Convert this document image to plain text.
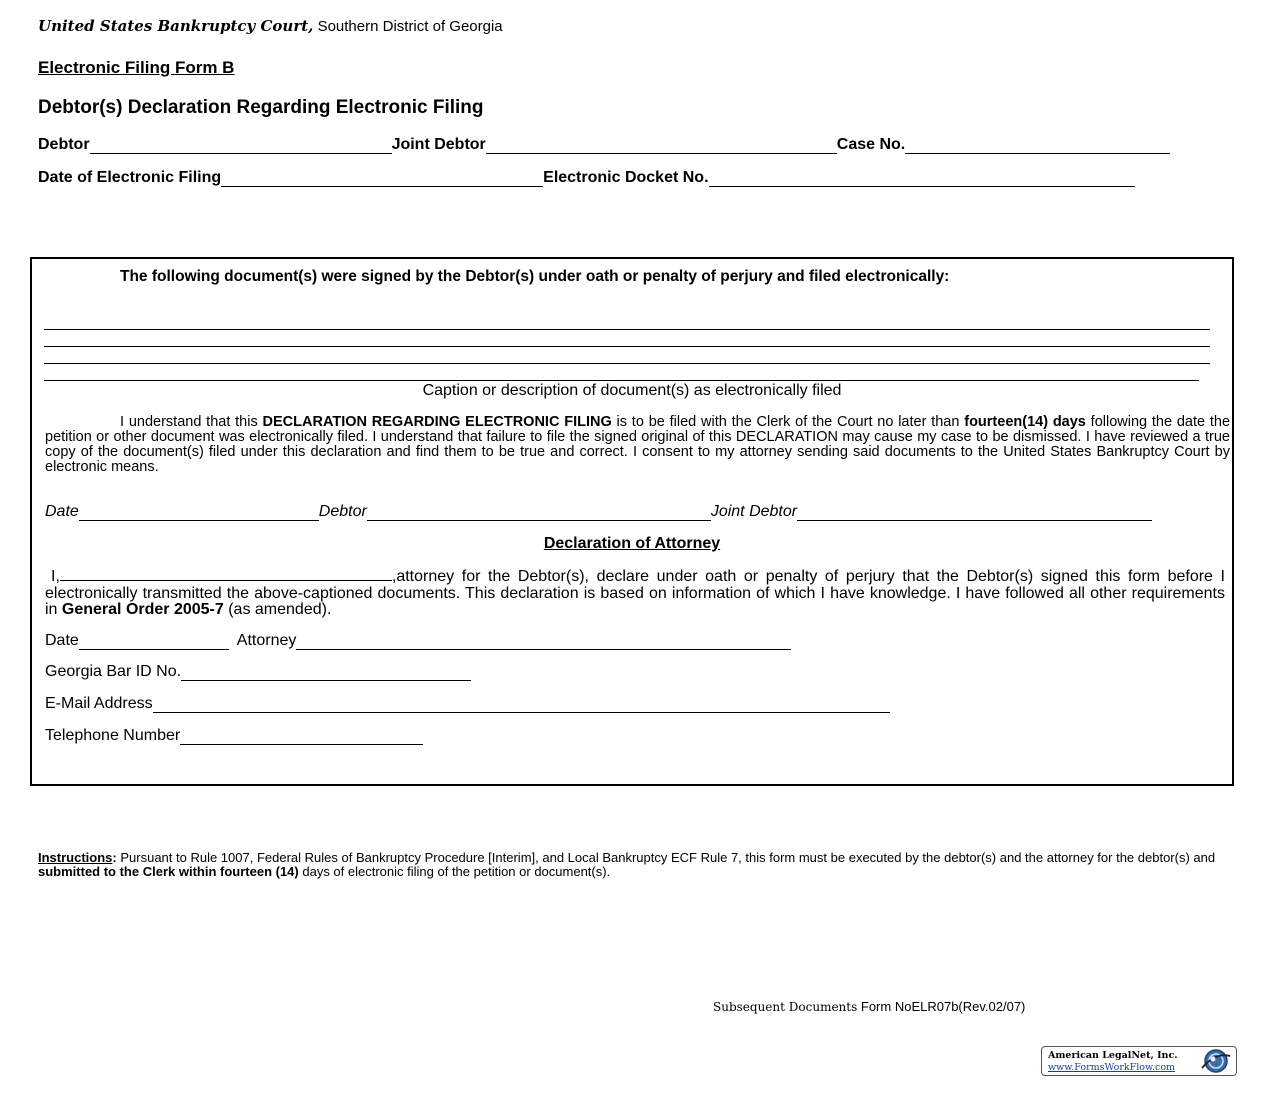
United States Bankruptcy Court, Southern District of Georgia
Electronic Filing Form B
Debtor(s) Declaration Regarding Electronic Filing
Debtor	Joint Debtor	Case No.
Date of Electronic Filing	Electronic Docket No.
The following document(s) were signed by the Debtor(s) under oath or penalty of perjury and filed electronically:
Caption or description of document(s) as electronically filed
I understand that this DECLARATION REGARDING ELECTRONIC FILING is to be filed with the Clerk of the Court no later than fourteen(14) days following the date the petition or other document was electronically filed. I understand that failure to file the signed original of this DECLARATION may cause my case to be dismissed. I have reviewed a true copy of the document(s) filed under this declaration and find them to be true and correct. I consent to my attorney sending said documents to the United States Bankruptcy Court by electronic means.
Date	Debtor	Joint Debtor
Declaration of Attorney
I,	,attorney for the Debtor(s), declare under oath or penalty of perjury that the Debtor(s) signed this form before I electronically transmitted the above-captioned documents. This declaration is based on information of which I have knowledge. I have followed all other requirements in General Order 2005-7 (as amended).
Date	Attorney
Georgia Bar ID No.
E-Mail Address
Telephone Number
Instructions: Pursuant to Rule 1007, Federal Rules of Bankruptcy Procedure [Interim], and Local Bankruptcy ECF Rule 7, this form must be executed by the debtor(s) and the attorney for the debtor(s) and submitted to the Clerk within fourteen (14) days of electronic filing of the petition or document(s).
Subsequent Documents Form NoELR07b(Rev.02/07)
American LegalNet, Inc.
www.FormsWorkFlow.com
